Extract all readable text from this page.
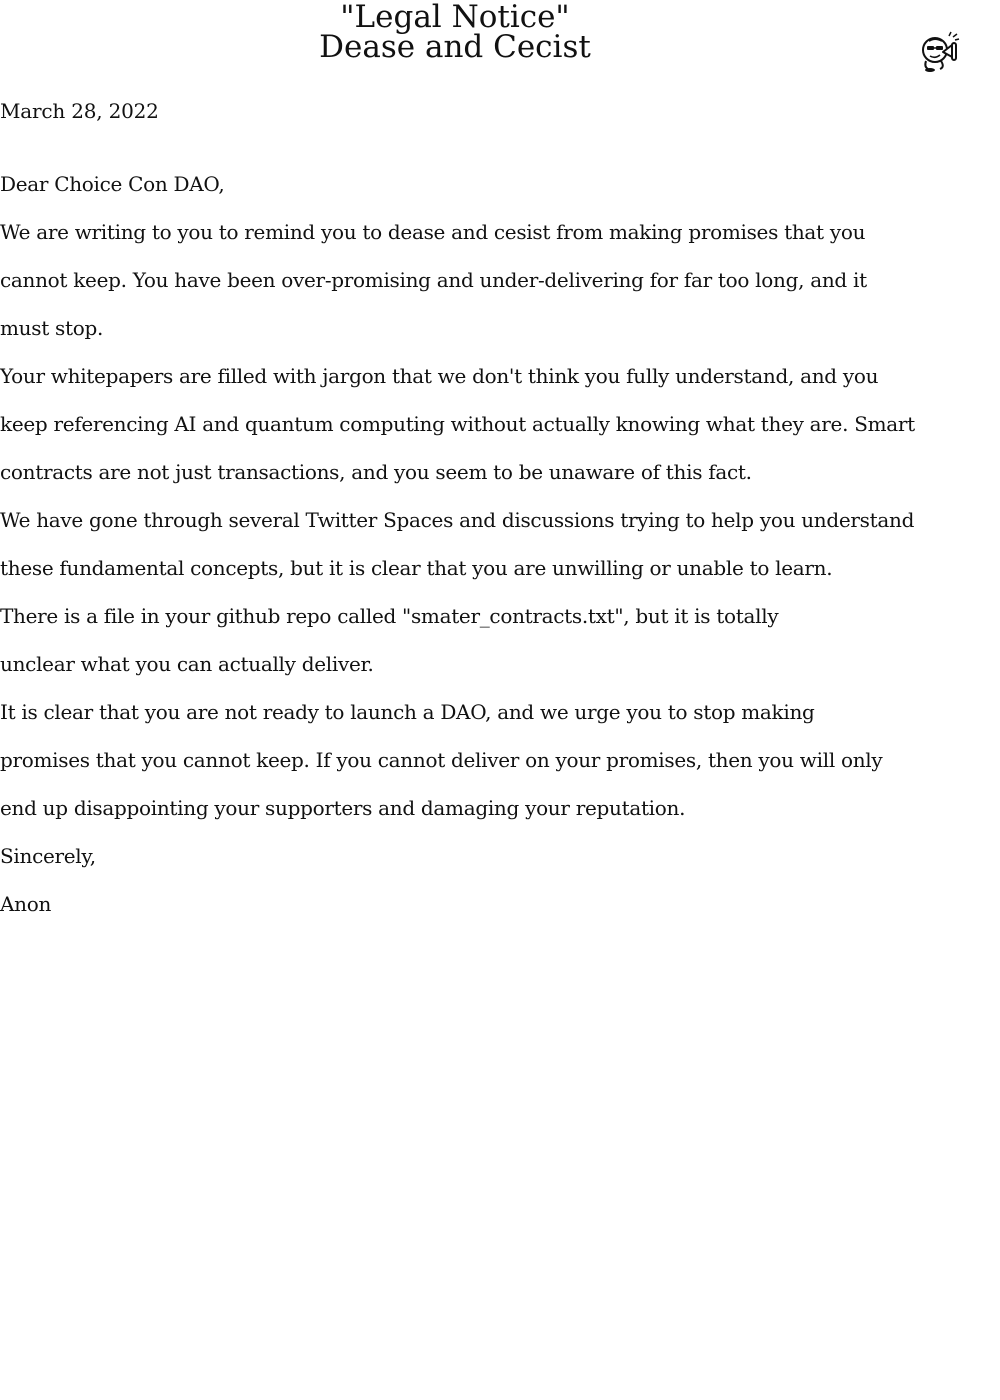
"Legal Notice"
Dease and Cecist
March 28, 2022

Dear Choice Con DAO,

We are writing to you to remind you to dease and cesist from making promises that you

cannot keep. You have been over-promising and under-delivering for far too long, and it

must stop.

Your whitepapers are filled with jargon that we don't think you fully understand, and you

keep referencing AI and quantum computing without actually knowing what they are. Smart

contracts are not just transactions, and you seem to be unaware of this fact.

We have gone through several Twitter Spaces and discussions trying to help you understand

these fundamental concepts, but it is clear that you are unwilling or unable to learn.

There is a file in your github repo called "smater_contracts.txt", but it is totally

unclear what you can actually deliver.

It is clear that you are not ready to launch a DAO, and we urge you to stop making

promises that you cannot keep. If you cannot deliver on your promises, then you will only

end up disappointing your supporters and damaging your reputation.

Sincerely,

Anon
